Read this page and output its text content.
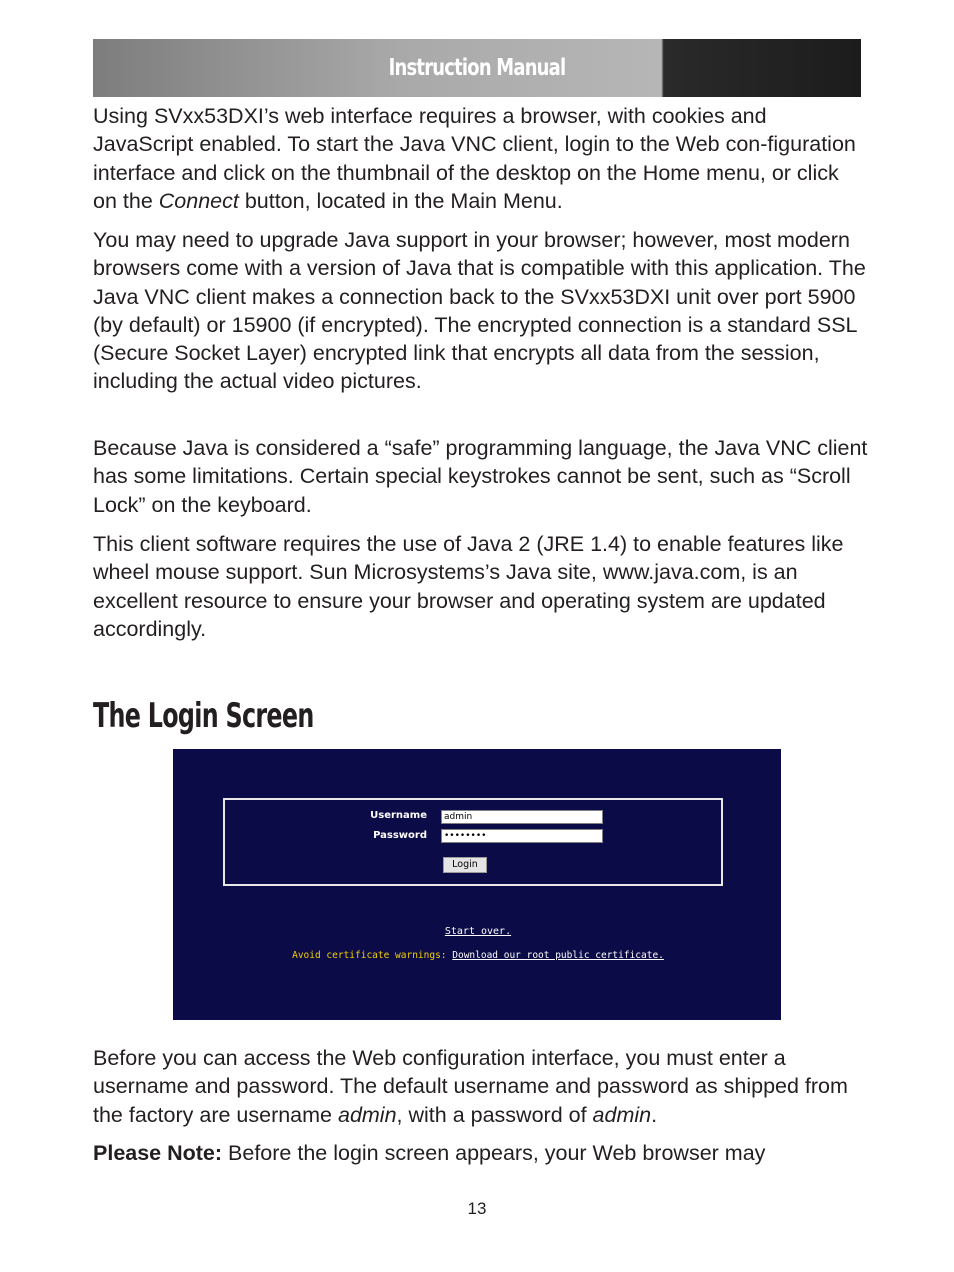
Instruction Manual

Using SVxx53DXI’s web interface requires a browser, with cookies and JavaScript enabled. To start the Java VNC client, login to the Web con-figuration interface and click on the thumbnail of the desktop on the Home menu, or click on the Connect button, located in the Main Menu.

You may need to upgrade Java support in your browser; however, most modern browsers come with a version of Java that is compatible with this application. The Java VNC client makes a connection back to the SVxx53DXI unit over port 5900 (by default) or 15900 (if encrypted). The encrypted connection is a standard SSL (Secure Socket Layer) encrypted link that encrypts all data from the session, including the actual video pictures.

Because Java is considered a “safe” programming language, the Java VNC client has some limitations. Certain special keystrokes cannot be sent, such as “Scroll Lock” on the keyboard.

This client software requires the use of Java 2 (JRE 1.4) to enable features like wheel mouse support. Sun Microsystems’s Java site, www.java.com, is an excellent resource to ensure your browser and operating system are updated accordingly.

The Login Screen
Username	admin
Password	••••••••
Login
Start over.
Avoid certificate warnings: Download our root public certificate.

Before you can access the Web configuration interface, you must enter a username and password. The default username and password as shipped from the factory are username admin, with a password of admin.

Please Note: Before the login screen appears, your Web browser may

13
